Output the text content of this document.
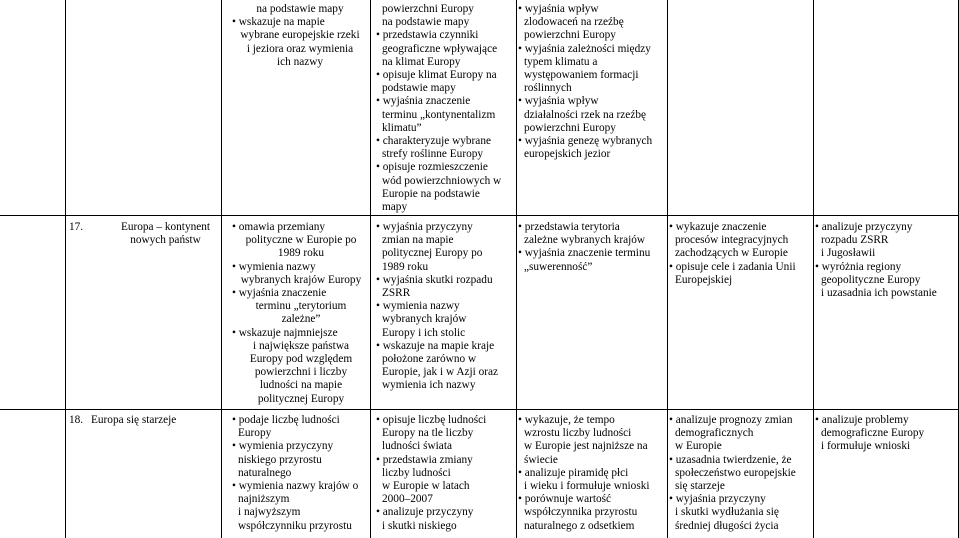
17.	Europa – kontynent
nowych państw
18. Europa się starzeje
na podstawie mapy
• wskazuje na mapie
wybrane europejskie rzeki
i jeziora oraz wymienia
ich nazwy
• omawia przemiany
polityczne w Europie po
1989 roku
• wymienia nazwy
wybranych krajów Europy
• wyjaśnia znaczenie
terminu „terytorium
zależne”
• wskazuje najmniejsze
i największe państwa
Europy pod względem
powierzchni i liczby
ludności na mapie
politycznej Europy
• podaje liczbę ludności
Europy
• wymienia przyczyny
niskiego przyrostu
naturalnego
• wymienia nazwy krajów o
najniższym
i najwyższym
współczynniku przyrostu
powierzchni Europy
na podstawie mapy
• przedstawia czynniki
geograficzne wpływające
na klimat Europy
• opisuje klimat Europy na
podstawie mapy
• wyjaśnia znaczenie
terminu „kontynentalizm
klimatu”
• charakteryzuje wybrane
strefy roślinne Europy
• opisuje rozmieszczenie
wód powierzchniowych w
Europie na podstawie
mapy
• wyjaśnia przyczyny
zmian na mapie
politycznej Europy po
1989 roku
• wyjaśnia skutki rozpadu
ZSRR
• wymienia nazwy
wybranych krajów
Europy i ich stolic
• wskazuje na mapie kraje
położone zarówno w
Europie, jak i w Azji oraz
wymienia ich nazwy
• opisuje liczbę ludności
Europy na tle liczby
ludności świata
• przedstawia zmiany
liczby ludności
w Europie w latach
2000–2007
• analizuje przyczyny
i skutki niskiego
• wyjaśnia wpływ
zlodowaceń na rzeźbę
powierzchni Europy
• wyjaśnia zależności między
typem klimatu a
występowaniem formacji
roślinnych
• wyjaśnia wpływ
działalności rzek na rzeźbę
powierzchni Europy
• wyjaśnia genezę wybranych
europejskich jezior
• przedstawia terytoria
zależne wybranych krajów
• wyjaśnia znaczenie terminu
„suwerenność”
• wykazuje, że tempo
wzrostu liczby ludności
w Europie jest najniższe na
świecie
• analizuje piramidę płci
i wieku i formułuje wnioski
• porównuje wartość
współczynnika przyrostu
naturalnego z odsetkiem
• wykazuje znaczenie
procesów integracyjnych
zachodzących w Europie
• opisuje cele i zadania Unii
Europejskiej
• analizuje prognozy zmian
demograficznych
w Europie
• uzasadnia twierdzenie, że
społeczeństwo europejskie
się starzeje
• wyjaśnia przyczyny
i skutki wydłużania się
średniej długości życia
• analizuje przyczyny
rozpadu ZSRR
i Jugosławii
• wyróżnia regiony
geopolityczne Europy
i uzasadnia ich powstanie
• analizuje problemy
demograficzne Europy
i formułuje wnioski
